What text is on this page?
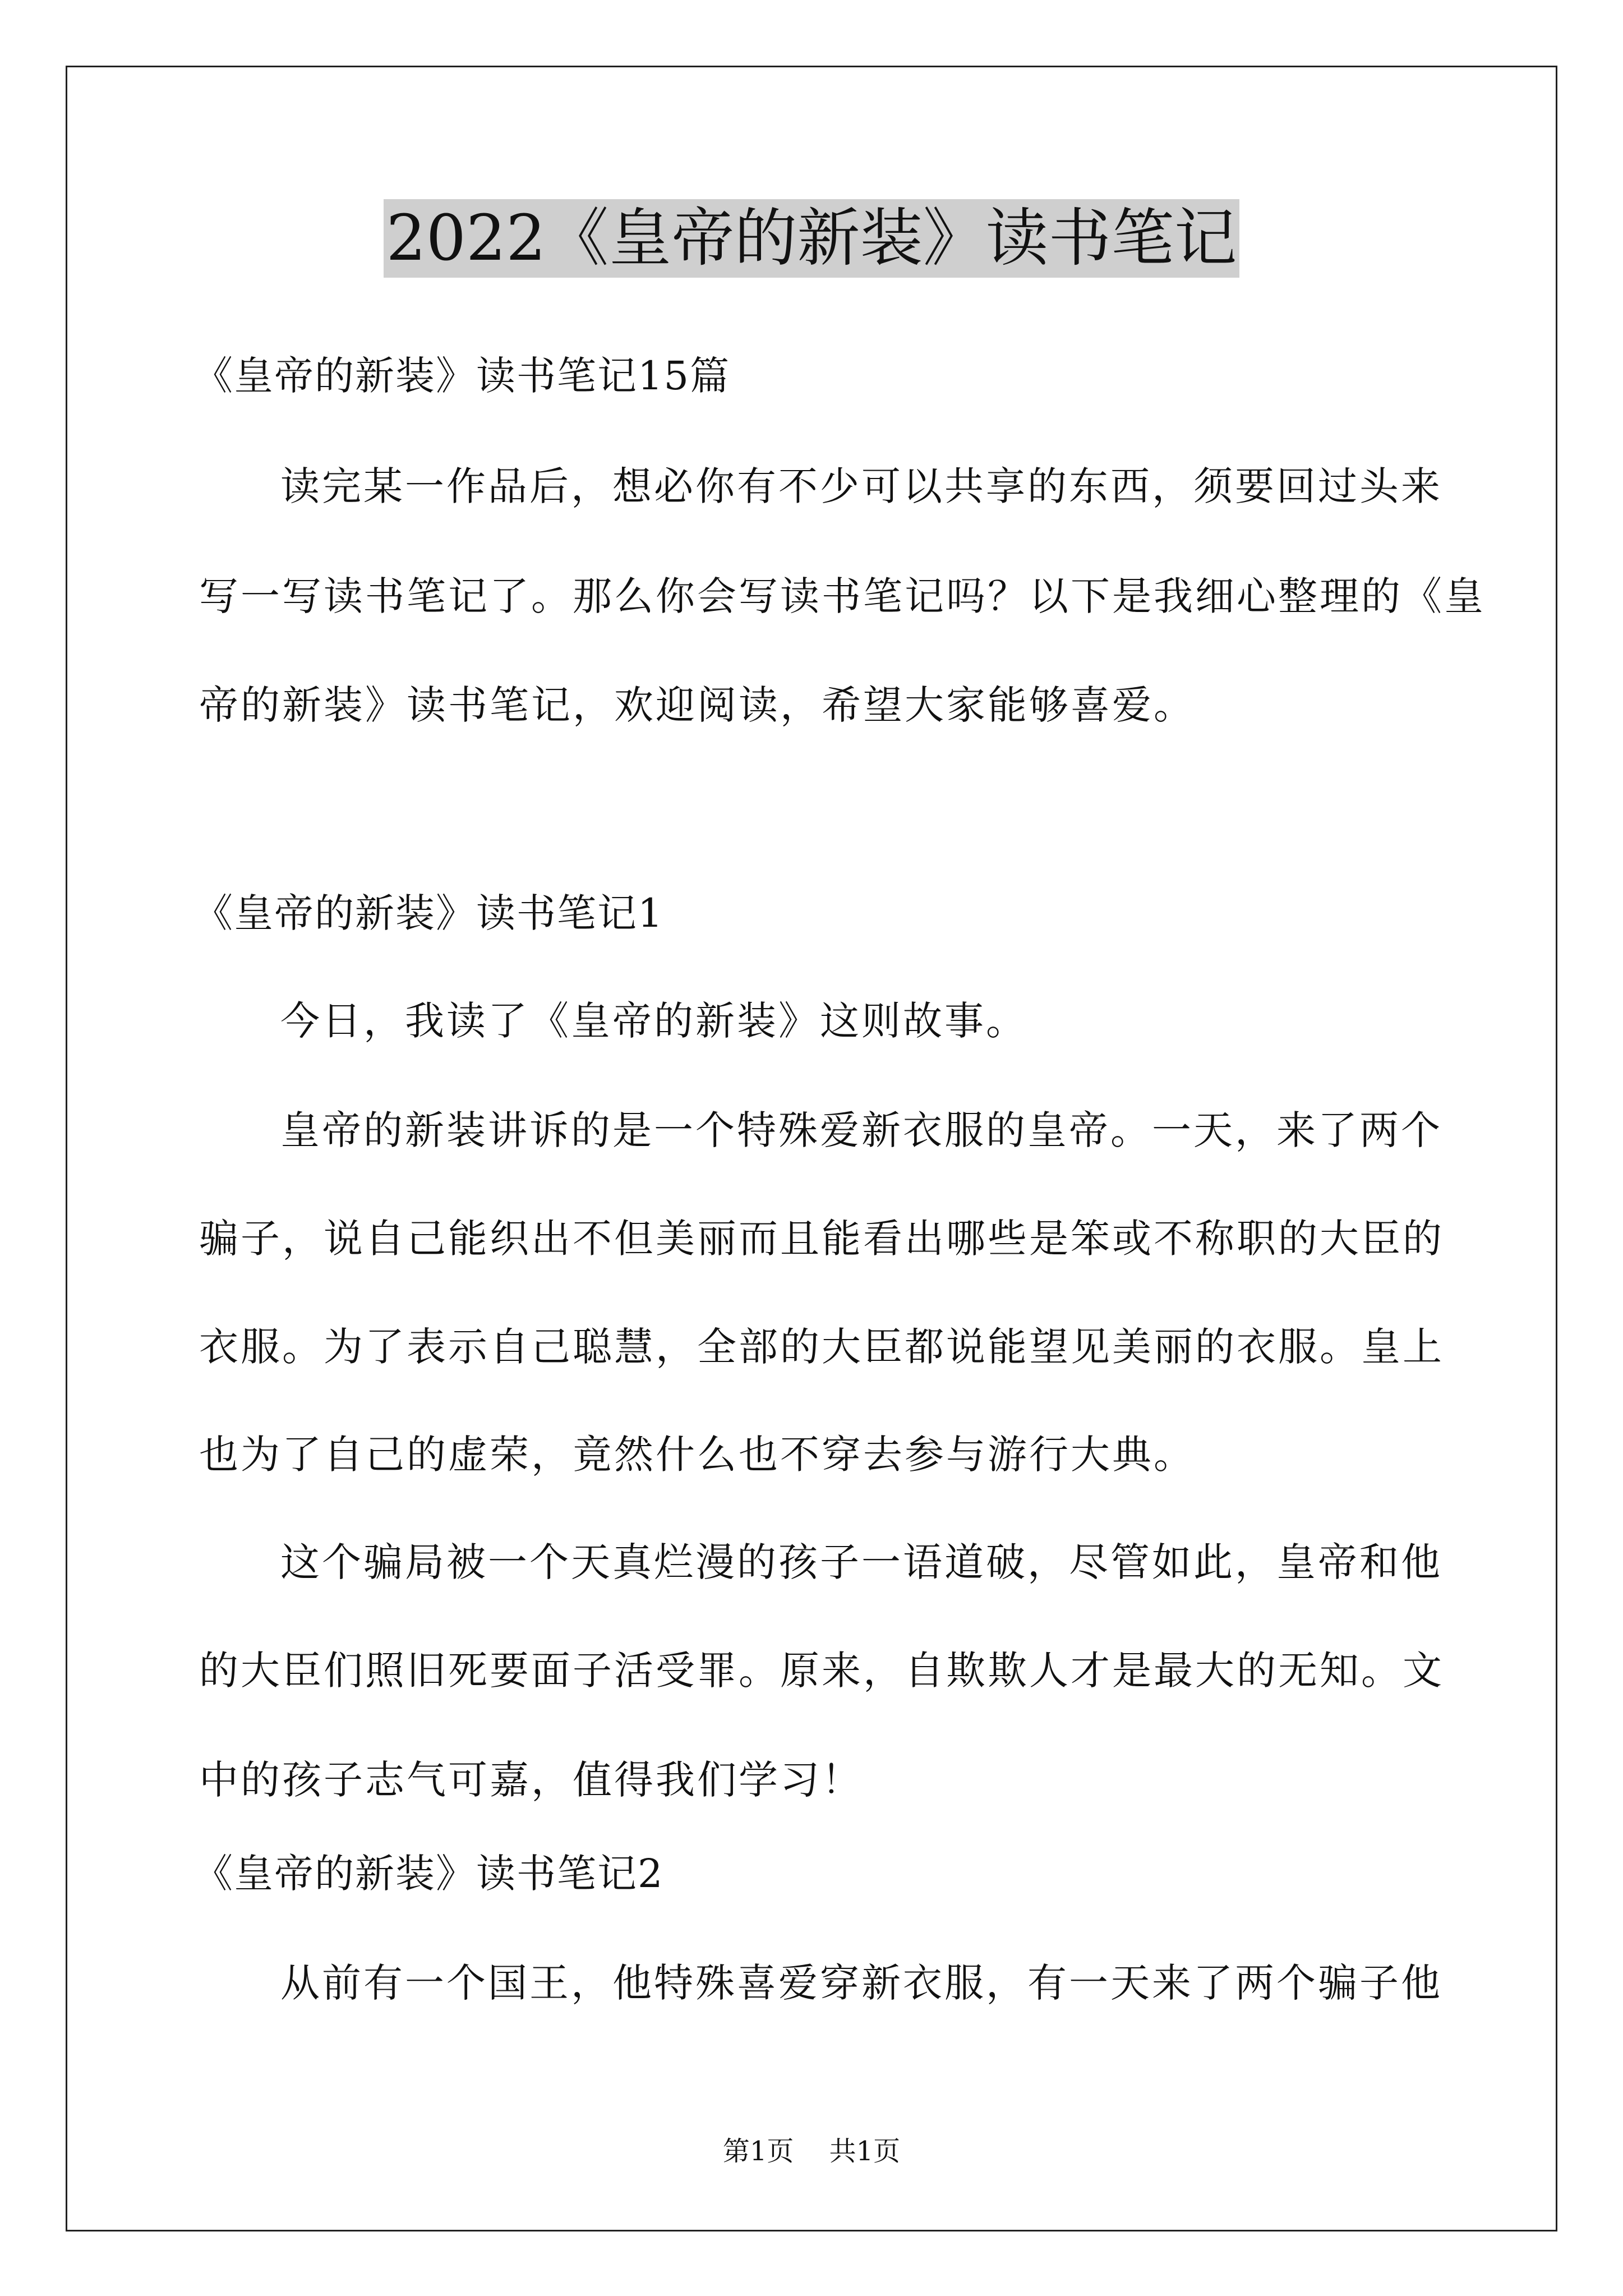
2022《皇帝的新装》读书笔记
《皇帝的新装》读书笔记15篇
读完某一作品后，想必你有不少可以共享的东西，须要回过头来
写一写读书笔记了。那么你会写读书笔记吗？以下是我细心整理的《皇
帝的新装》读书笔记，欢迎阅读，希望大家能够喜爱。
《皇帝的新装》读书笔记1
今日，我读了《皇帝的新装》这则故事。
皇帝的新装讲诉的是一个特殊爱新衣服的皇帝。一天，来了两个
骗子，说自己能织出不但美丽而且能看出哪些是笨或不称职的大臣的
衣服。为了表示自己聪慧，全部的大臣都说能望见美丽的衣服。皇上
也为了自己的虚荣，竟然什么也不穿去参与游行大典。
这个骗局被一个天真烂漫的孩子一语道破，尽管如此，皇帝和他
的大臣们照旧死要面子活受罪。原来，自欺欺人才是最大的无知。文
中的孩子志气可嘉，值得我们学习！
《皇帝的新装》读书笔记2
从前有一个国王，他特殊喜爱穿新衣服，有一天来了两个骗子他
第1页 共1页
